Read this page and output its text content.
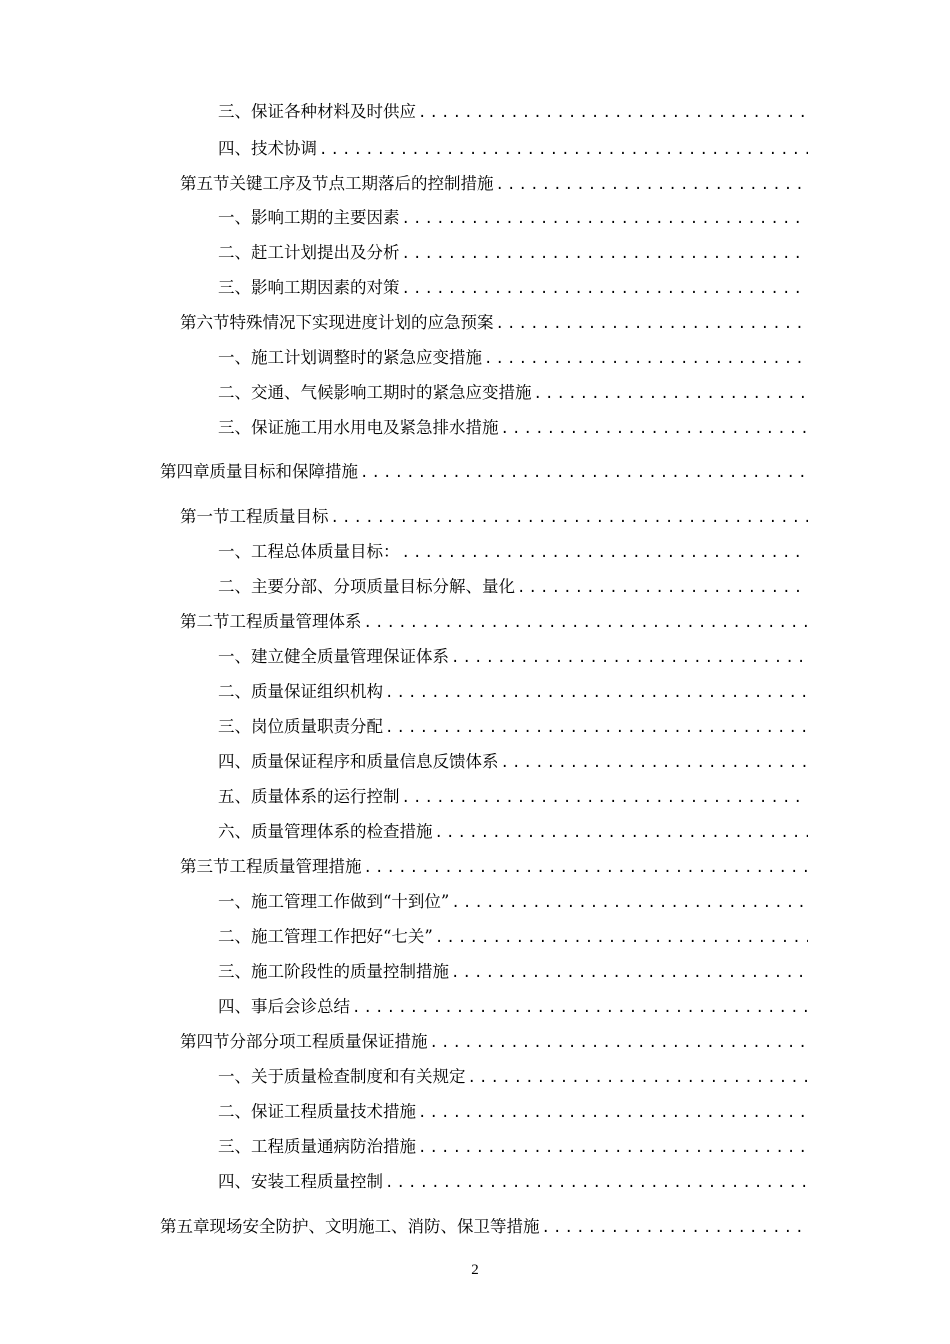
三、 保证各种材料及时供应
.....
四、 技术协调
.....
第五节 关键工序及节点工期落后的控制措施
.....
一、 影响工期的主要因素
.....
二、 赶工计划提出及分析
.....
三、 影响工期因素的对策
.....
第六节 特殊情况下实现进度计划的应急预案
.....
一、 施工计划调整时的紧急应变措施
.....
二、 交通、气候影响工期时的紧急应变措施
.....
三、 保证施工用水用电及紧急排水措施
.....
第四章 质量目标和保障措施
.....
第一节 工程质量目标
.....
一、 工程总体质量目标：
.....
二、 主要分部、分项质量目标分解、量化
.....
第二节 工程质量管理体系
.....
一、 建立健全质量管理保证体系
.....
二、 质量保证组织机构
.....
三、 岗位质量职责分配
.....
四、 质量保证程序和质量信息反馈体系
.....
五、 质量体系的运行控制
.....
六、 质量管理体系的检查措施
.....
第三节 工程质量管理措施
.....
一、 施工管理工作做到“十到位”
.....
二、 施工管理工作把好“七关”
.....
三、 施工阶段性的质量控制措施
.....
四、 事后会诊总结
.....
第四节 分部分项工程质量保证措施
.....
一、 关于质量检查制度和有关规定
.....
二、 保证工程质量技术措施
.....
三、 工程质量通病防治措施
.....
四、 安装工程质量控制
.....
第五章 现场安全防护、文明施工、消防、保卫等措施
.....
2
